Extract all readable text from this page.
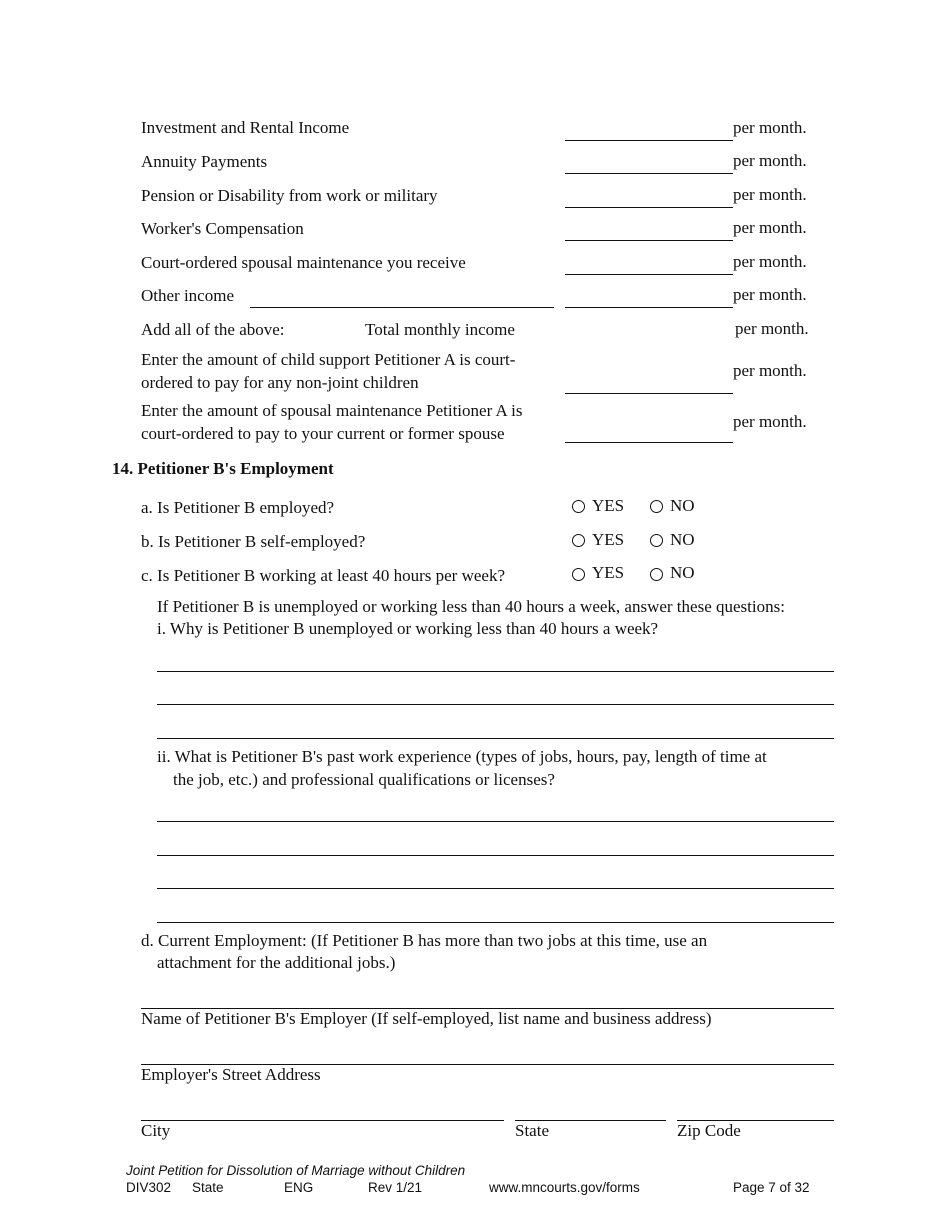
Investment and Rental Income	per month.
Annuity Payments	per month.
Pension or Disability from work or military	per month.
Worker's Compensation	per month.
Court-ordered spousal maintenance you receive	per month.
Other income	per month.
Add all of the above:	Total monthly income	per month.
Enter the amount of child support Petitioner A is court-
ordered to pay for any non-joint children
per month.
Enter the amount of spousal maintenance Petitioner A is
court-ordered to pay to your current or former spouse
per month.
14. Petitioner B's Employment
a. Is Petitioner B employed?	YES	NO
b. Is Petitioner B self-employed?	YES	NO
c. Is Petitioner B working at least 40 hours per week?	YES	NO
If Petitioner B is unemployed or working less than 40 hours a week, answer these questions:
i. Why is Petitioner B unemployed or working less than 40 hours a week?
ii. What is Petitioner B's past work experience (types of jobs, hours, pay, length of time at
the job, etc.) and professional qualifications or licenses?
d. Current Employment: (If Petitioner B has more than two jobs at this time, use an
attachment for the additional jobs.)
Name of Petitioner B's Employer (If self-employed, list name and business address)
Employer's Street Address
City	State	Zip Code
Joint Petition for Dissolution of Marriage without Children
DIV302 State	ENG	Rev 1/21	www.mncourts.gov/forms	Page 7 of 32
